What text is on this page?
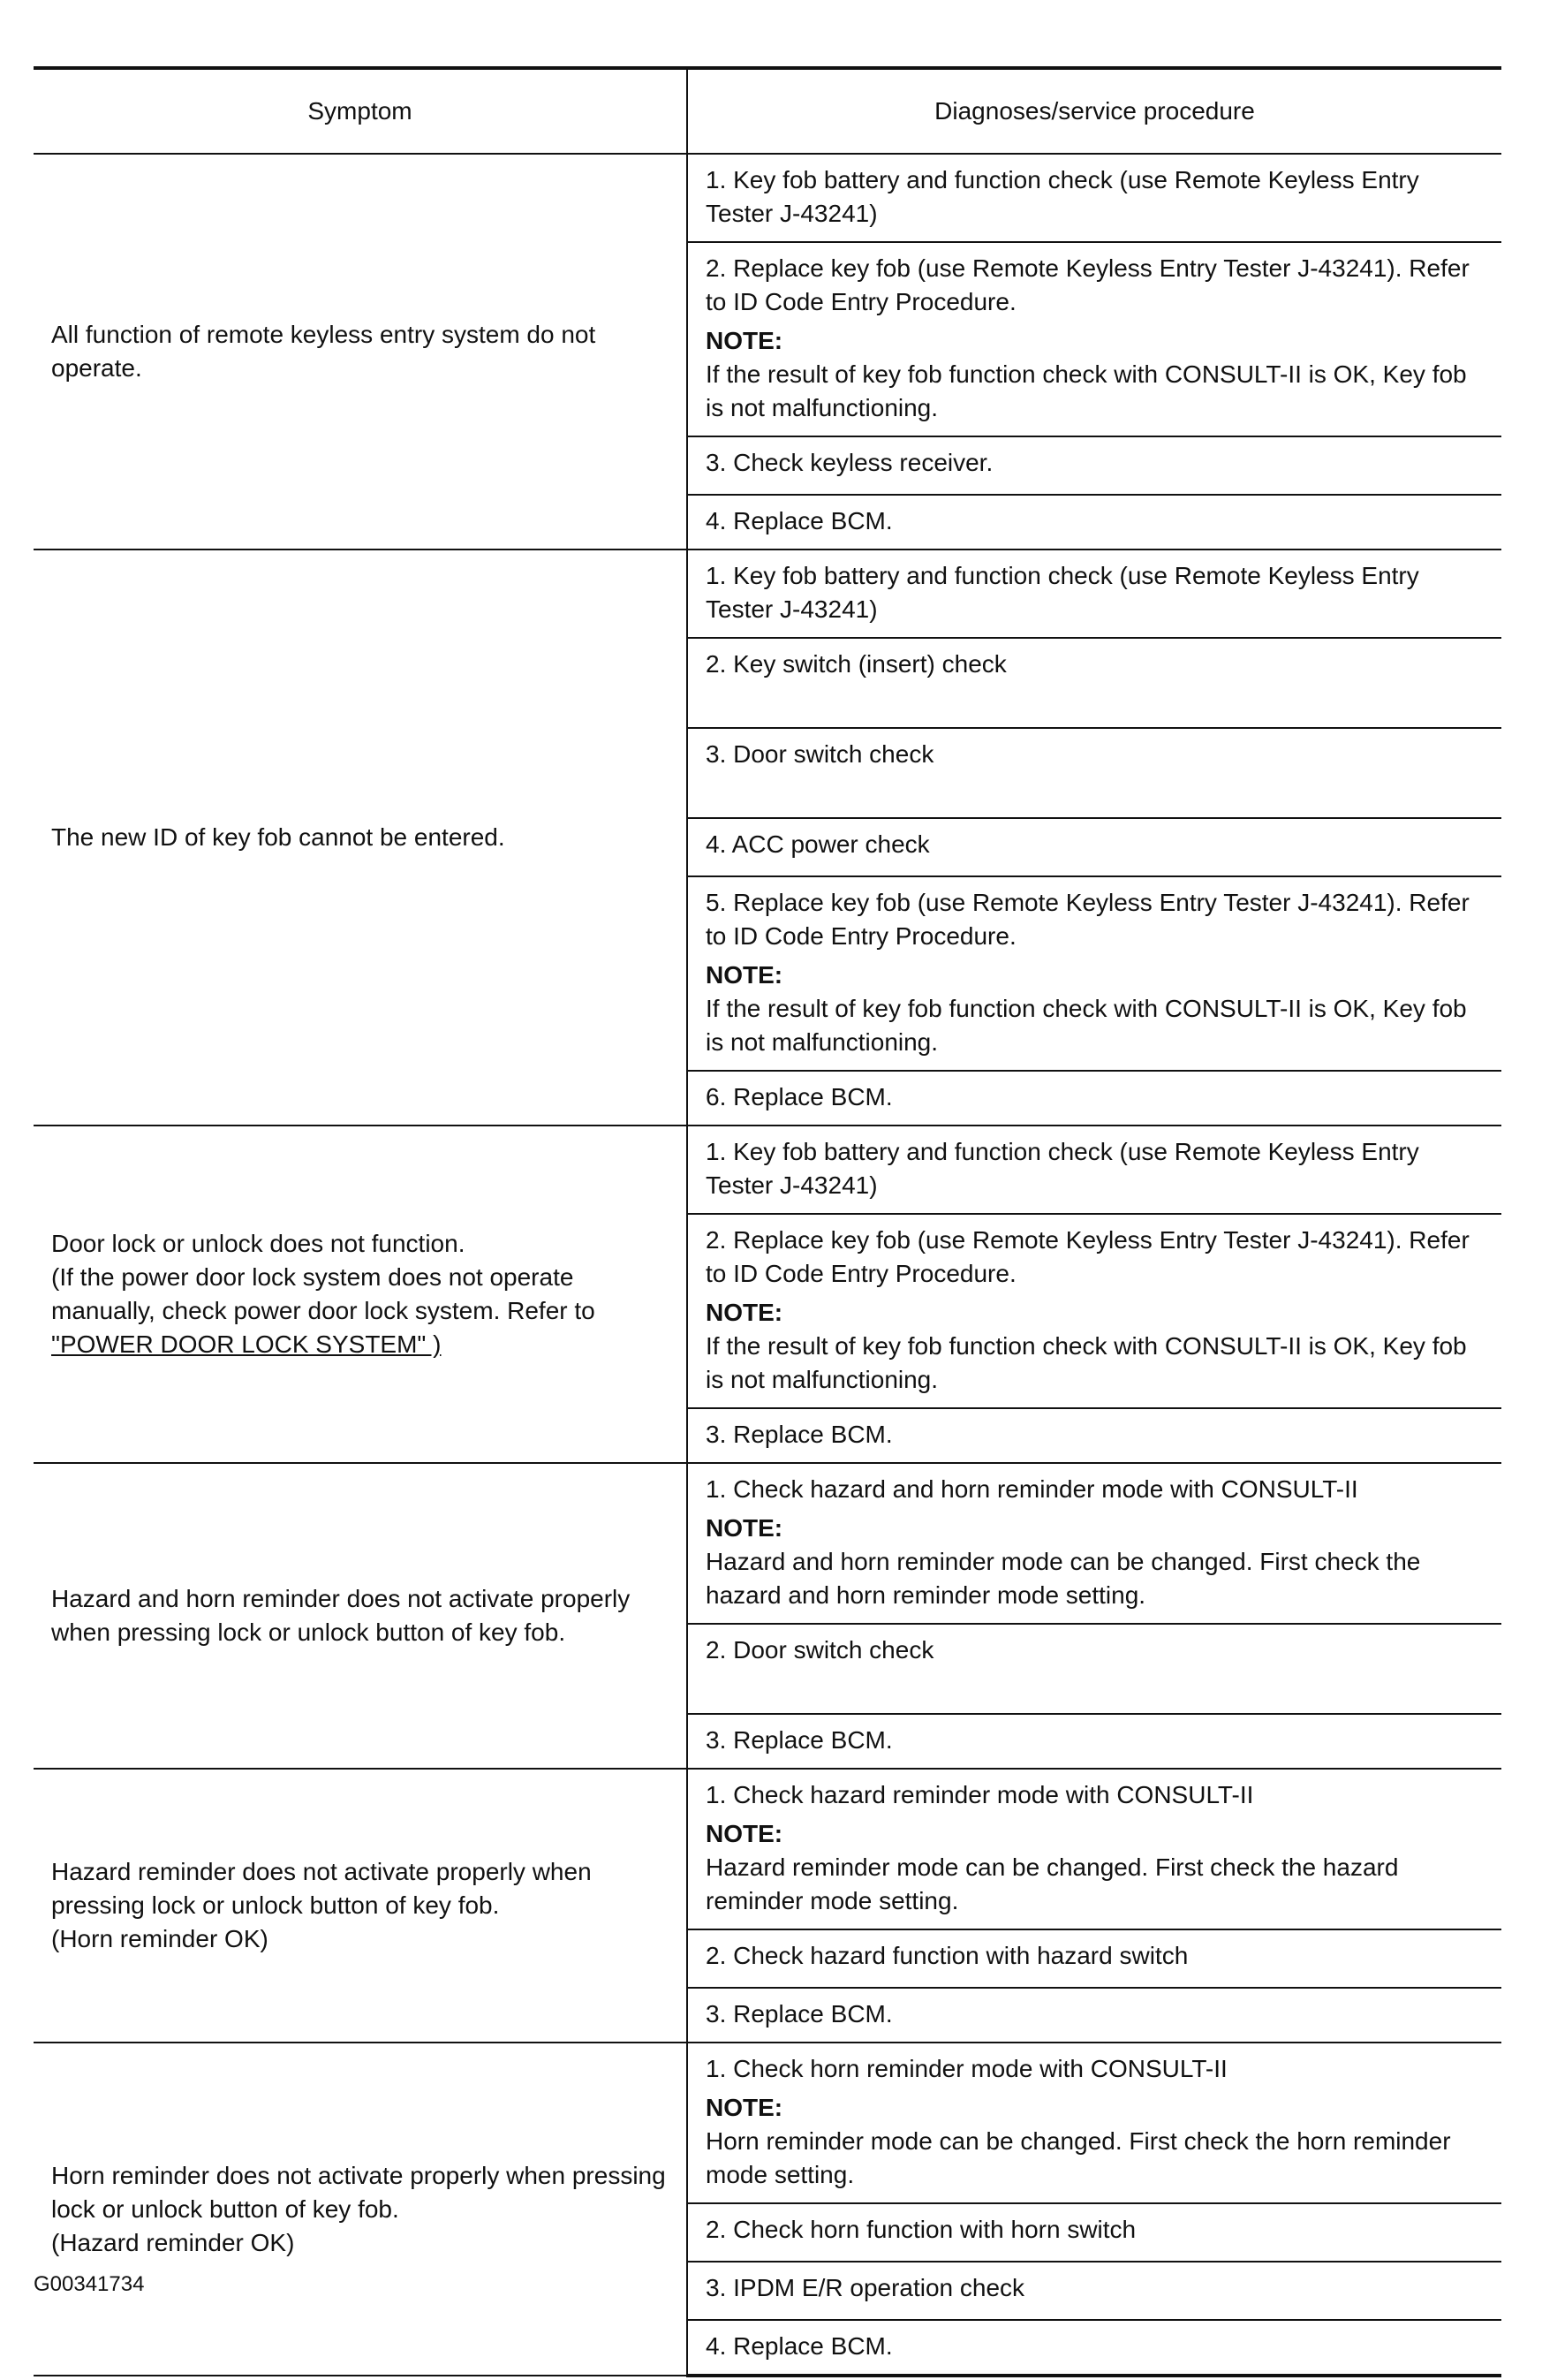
Symptom	Diagnoses/service procedure

All function of remote keyless entry system do not operate.	1. Key fob battery and function check (use Remote Keyless Entry Tester J-43241)

	2. Replace key fob (use Remote Keyless Entry Tester J-43241). Refer to ID Code Entry Procedure.
NOTE:
If the result of key fob function check with CONSULT-II is OK, Key fob is not malfunctioning.

	3. Check keyless receiver.

	4. Replace BCM.

The new ID of key fob cannot be entered.	1. Key fob battery and function check (use Remote Keyless Entry Tester J-43241)

	2. Key switch (insert) check

	3. Door switch check

	4. ACC power check

	5. Replace key fob (use Remote Keyless Entry Tester J-43241). Refer to ID Code Entry Procedure.
NOTE:
If the result of key fob function check with CONSULT-II is OK, Key fob is not malfunctioning.

	6. Replace BCM.

Door lock or unlock does not function.
(If the power door lock system does not operate manually, check power door lock system. Refer to
"POWER DOOR LOCK SYSTEM" )	1. Key fob battery and function check (use Remote Keyless Entry Tester J-43241)

	2. Replace key fob (use Remote Keyless Entry Tester J-43241). Refer to ID Code Entry Procedure.
NOTE:
If the result of key fob function check with CONSULT-II is OK, Key fob is not malfunctioning.

	3. Replace BCM.

Hazard and horn reminder does not activate properly when pressing lock or unlock button of key fob.	1. Check hazard and horn reminder mode with CONSULT-II
NOTE:
Hazard and horn reminder mode can be changed. First check the hazard and horn reminder mode setting.

	2. Door switch check

	3. Replace BCM.

Hazard reminder does not activate properly when pressing lock or unlock button of key fob.
(Horn reminder OK)	1. Check hazard reminder mode with CONSULT-II
NOTE:
Hazard reminder mode can be changed. First check the hazard reminder mode setting.

	2. Check hazard function with hazard switch

	3. Replace BCM.

Horn reminder does not activate properly when pressing lock or unlock button of key fob.
(Hazard reminder OK)	1. Check horn reminder mode with CONSULT-II
NOTE:
Horn reminder mode can be changed. First check the horn reminder mode setting.

	2. Check horn function with horn switch

	3. IPDM E/R operation check

	4. Replace BCM.
G00341734
